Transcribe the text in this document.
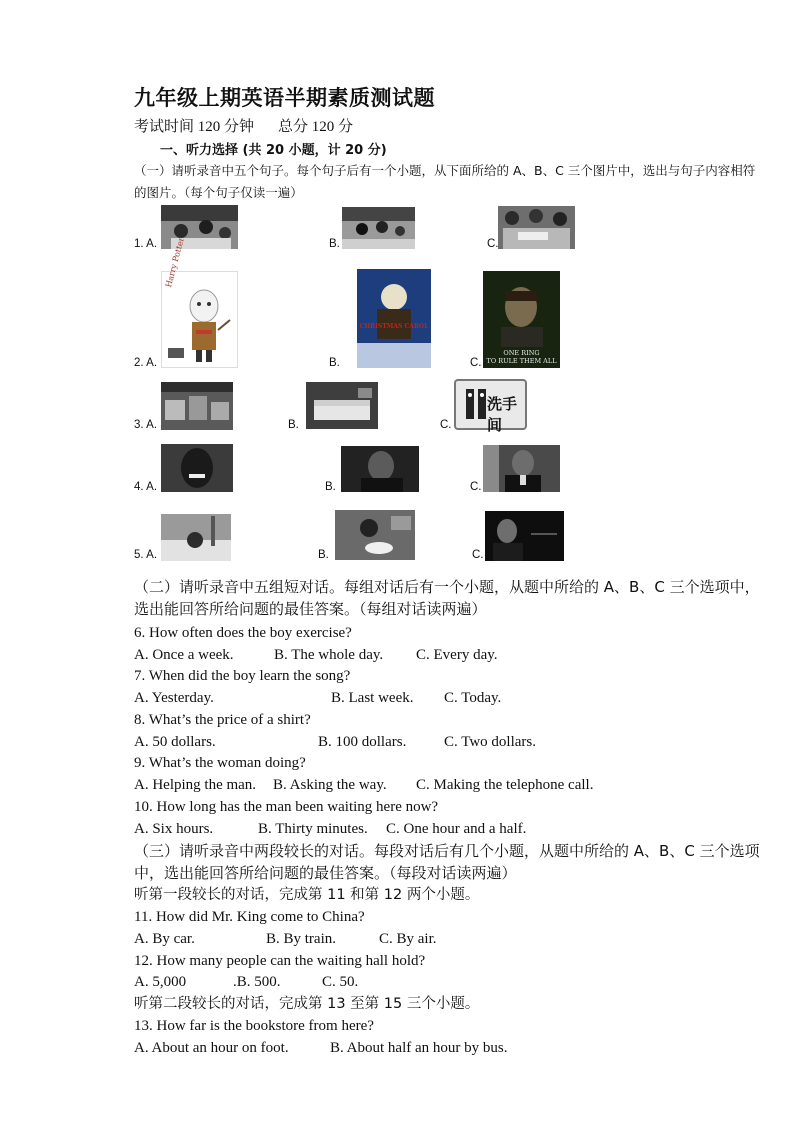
九年级上期英语半期素质测试题
考试时间 120 分钟 总分 120 分
一、听力选择 (共 20 小题，计 20 分)
（一）请听录音中五个句子。每个句子后有一个小题，从下面所给的 A、B、C 三个图片中，选出与句子内容相符的图片。（每个句子仅读一遍）
1. A.	B.	C.
2. A.
Harry Potter
B.
CHRISTMAS CAROL
C.
ONE RING
TO RULE THEM ALL
3. A.	B.	C.
洗手间
4. A.	B.	C.
5. A.	B.	C.
（二）请听录音中五组短对话。每组对话后有一个小题，从题中所给的 A、B、C 三个选项中，选出能回答所给问题的最佳答案。（每组对话读两遍）
6. How often does the boy exercise?
A. Once a week.	B. The whole day. C. Every day.
7. When did the boy learn the song?
A. Yesterday.	B. Last week. C. Today.
8. What’s the price of a shirt?
A. 50 dollars.	B. 100 dollars.	C. Two dollars.
9. What’s the woman doing?
A. Helping the man. B. Asking the way. C. Making the telephone call.
10. How long has the man been waiting here now?
A. Six hours.	B. Thirty minutes. C. One hour and a half.
（三）请听录音中两段较长的对话。每段对话后有几个小题，从题中所给的 A、B、C 三个选项中，选出能回答所给问题的最佳答案。（每段对话读两遍）
听第一段较长的对话，完成第 11 和第 12 两个小题。
11. How did Mr. King come to China?
A. By car.	B. By train.	C. By air.
12. How many people can the waiting hall hold?
A. 5,000	.B. 500.	C. 50.
听第二段较长的对话，完成第 13 至第 15 三个小题。
13. How far is the bookstore from here?
A. About an hour on foot.	B. About half an hour by bus.
